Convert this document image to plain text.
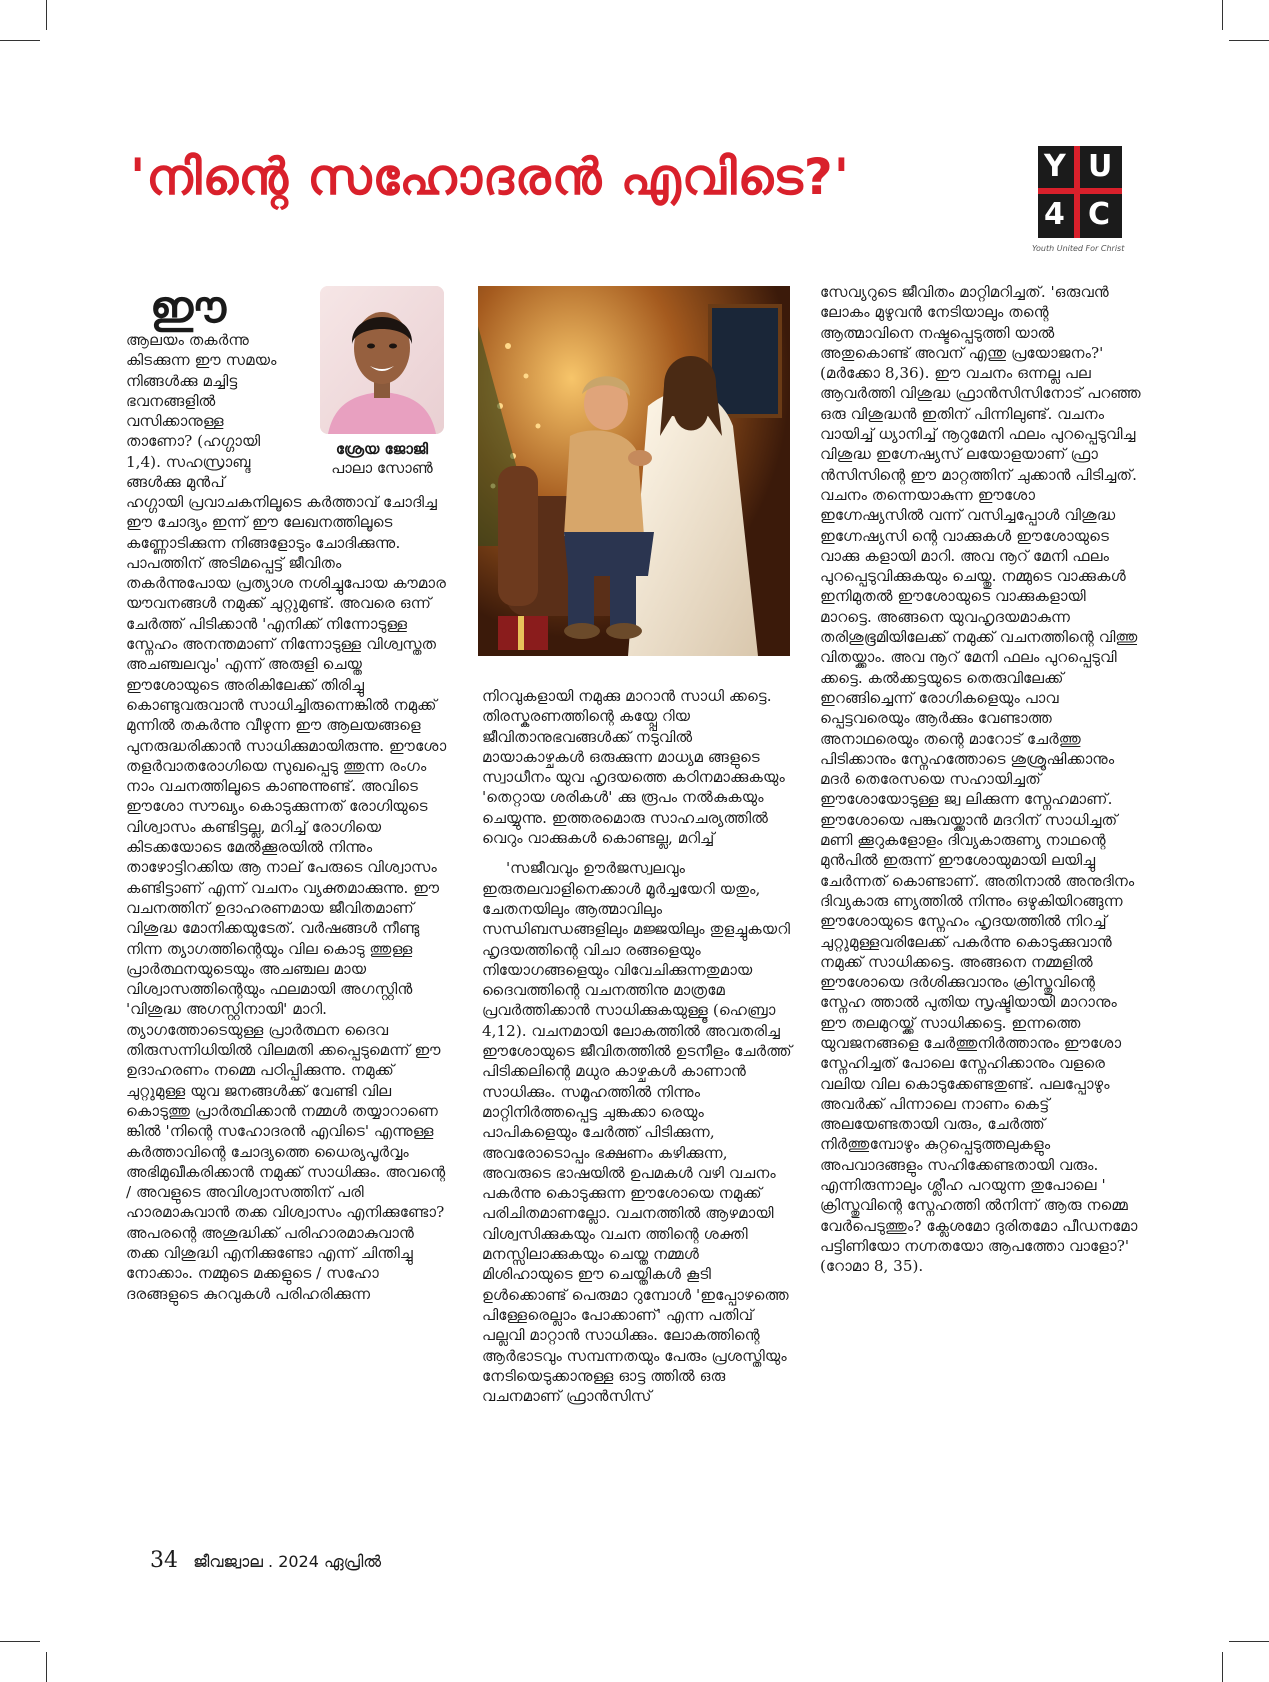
'നിന്റെ സഹോദരൻ എവിടെ?'	Y U
4 C
Youth United For Christ
ഈ
ശ്രേയ ജോജി
പാലാ സോൺ

ആലയം തകർന്നു കിടക്കുന്ന ഈ സമയം നിങ്ങൾക്കു മച്ചിട്ട ഭവനങ്ങളിൽ വസിക്കാനുള്ള താണോ? (ഹഗ്ഗായി 1,4). സഹസ്രാബ്ദ ങ്ങൾക്കു മുൻപ്

ഹഗ്ഗായി പ്രവാചകനിലൂടെ കർത്താവ് ചോദിച്ച ഈ ചോദ്യം ഇന്ന് ഈ ലേഖനത്തിലൂടെ കണ്ണോടിക്കുന്ന നിങ്ങളോടും ചോദിക്കുന്നു. പാപത്തിന് അടിമപ്പെട്ട് ജീവിതം തകർന്നുപോയ പ്രത്യാശ നശിച്ചുപോയ കൗമാര യൗവനങ്ങൾ നമുക്ക് ചുറ്റുമുണ്ട്. അവരെ ഒന്ന് ചേർത്ത് പിടിക്കാൻ 'എനിക്ക് നിന്നോടുള്ള സ്നേഹം അനന്തമാണ് നിന്നോടുള്ള വിശ്വസ്തത അചഞ്ചലവും' എന്ന് അരുളി ചെയ്ത ഈശോയുടെ അരികിലേക്ക് തിരിച്ചു കൊണ്ടുവരുവാൻ സാധിച്ചിരുന്നെങ്കിൽ നമുക്ക് മുന്നിൽ തകർന്നു വീഴുന്ന ഈ ആലയങ്ങളെ പുനരുദ്ധരിക്കാൻ സാധിക്കുമായിരുന്നു. ഈശോ തളർവാതരോഗിയെ സുഖപ്പെടു ത്തുന്ന രംഗം നാം വചനത്തിലൂടെ കാണുന്നുണ്ട്. അവിടെ ഈശോ സൗഖ്യം കൊടുക്കുന്നത് രോഗിയുടെ വിശ്വാസം കണ്ടിട്ടല്ല, മറിച്ച് രോഗിയെ കിടക്കയോടെ മേൽക്കൂരയിൽ നിന്നും താഴോട്ടിറക്കിയ ആ നാല് പേരുടെ വിശ്വാസം കണ്ടിട്ടാണ് എന്ന് വചനം വ്യക്തമാക്കുന്നു. ഈ വചനത്തിന് ഉദാഹരണമായ ജീവിതമാണ് വിശുദ്ധ മോനിക്കയുടേത്. വർഷങ്ങൾ നീണ്ടു നിന്ന ത്യാഗത്തിന്റെയും വില കൊടു ത്തുള്ള പ്രാർത്ഥനയുടെയും അചഞ്ചല മായ വിശ്വാസത്തിന്റെയും ഫലമായി അഗസ്റ്റിൻ 'വിശുദ്ധ അഗസ്റ്റിനായി' മാറി. ത്യാഗത്തോടെയുള്ള പ്രാർത്ഥന ദൈവ തിരുസന്നിധിയിൽ വിലമതി ക്കപ്പെടുമെന്ന് ഈ ഉദാഹരണം നമ്മെ പഠിപ്പിക്കുന്നു. നമുക്ക് ചുറ്റുമുള്ള യുവ ജനങ്ങൾക്ക് വേണ്ടി വില കൊടുത്തു പ്രാർത്ഥിക്കാൻ നമ്മൾ തയ്യാറാണെ ങ്കിൽ 'നിന്റെ സഹോദരൻ എവിടെ' എന്നുള്ള കർത്താവിന്റെ ചോദ്യത്തെ ധൈര്യപൂർവ്വം അഭിമുഖീകരിക്കാൻ നമുക്ക് സാധിക്കും. അവന്റെ / അവളുടെ അവിശ്വാസത്തിന് പരി ഹാരമാകുവാൻ തക്ക വിശ്വാസം എനിക്കുണ്ടോ? അപരന്റെ അശുദ്ധിക്ക് പരിഹാരമാകുവാൻ തക്ക വിശുദ്ധി എനിക്കുണ്ടോ എന്ന് ചിന്തിച്ചു നോക്കാം. നമ്മുടെ മക്കളുടെ / സഹോ ദരങ്ങളുടെ കുറവുകൾ പരിഹരിക്കുന്ന

നിറവുകളായി നമുക്കു മാറാൻ സാധി ക്കട്ടെ. തിരസ്കരണത്തിന്റെ കയ്പ്പേ റിയ ജീവിതാനുഭവങ്ങൾക്ക് നടുവിൽ മായാകാഴ്ചകൾ ഒരുക്കുന്ന മാധ്യമ ങ്ങളുടെ സ്വാധീനം യുവ ഹൃദയത്തെ കഠിനമാക്കുകയും 'തെറ്റായ ശരികൾ' ക്കു രൂപം നൽകുകയും ചെയ്യുന്നു. ഇത്തരമൊരു സാഹചര്യത്തിൽ വെറും വാക്കുകൾ കൊണ്ടല്ല, മറിച്ച്

'സജീവവും ഊർജസ്വലവും ഇരുതലവാളിനെക്കാൾ മൂർച്ചയേറി യതും, ചേതനയിലും ആത്മാവിലും സന്ധിബന്ധങ്ങളിലും മജ്ജയിലും തുളച്ചുകയറി ഹൃദയത്തിന്റെ വിചാ രങ്ങളെയും നിയോഗങ്ങളെയും വിവേചിക്കുന്നതുമായ ദൈവത്തിന്റെ വചനത്തിനു മാത്രമേ പ്രവർത്തിക്കാൻ സാധിക്കുകയുള്ളൂ (ഹെബ്രാ 4,12). വചനമായി ലോകത്തിൽ അവതരിച്ച ഈശോയുടെ ജീവിതത്തിൽ ഉടനീളം ചേർത്ത് പിടിക്കലിന്റെ മധുര കാഴ്ചകൾ കാണാൻ സാധിക്കും. സമൂഹത്തിൽ നിന്നും മാറ്റിനിർത്തപ്പെട്ട ചുങ്കക്കാ രെയും പാപികളെയും ചേർത്ത് പിടിക്കുന്ന, അവരോടൊപ്പം ഭക്ഷണം കഴിക്കുന്ന, അവരുടെ ഭാഷയിൽ ഉപമകൾ വഴി വചനം പകർന്നു കൊടുക്കുന്ന ഈശോയെ നമുക്ക് പരിചിതമാണല്ലോ. വചനത്തിൽ ആഴമായി വിശ്വസിക്കുകയും വചന ത്തിന്റെ ശക്തി മനസ്സിലാക്കുകയും ചെയ്ത നമ്മൾ മിശിഹായുടെ ഈ ചെയ്തികൾ കൂടി ഉൾക്കൊണ്ട് പെരുമാ റുമ്പോൾ 'ഇപ്പോഴത്തെ പിള്ളേരെല്ലാം പോക്കാണ്' എന്ന പതിവ് പല്ലവി മാറ്റാൻ സാധിക്കും. ലോകത്തിന്റെ ആർഭാടവും സമ്പന്നതയും പേരും പ്രശസ്തിയും നേടിയെടുക്കാനുള്ള ഓട്ട ത്തിൽ ഒരു വചനമാണ് ഫ്രാൻസിസ്

സേവ്യറുടെ ജീവിതം മാറ്റിമറിച്ചത്. 'ഒരുവൻ ലോകം മുഴുവൻ നേടിയാലും തന്റെ ആത്മാവിനെ നഷ്ടപ്പെടുത്തി യാൽ അതുകൊണ്ട് അവന് എന്തു പ്രയോജനം?' (മർക്കോ 8,36). ഈ വചനം ഒന്നല്ല പല ആവർത്തി വിശുദ്ധ ഫ്രാൻസിസിനോട് പറഞ്ഞ ഒരു വിശുദ്ധൻ ഇതിന് പിന്നിലുണ്ട്. വചനം വായിച്ച് ധ്യാനിച്ച് നൂറുമേനി ഫലം പുറപ്പെടുവിച്ച വിശുദ്ധ ഇഗ്നേഷ്യസ് ലയോളയാണ് ഫ്രാ ൻസിസിന്റെ ഈ മാറ്റത്തിന് ചുക്കാൻ പിടിച്ചത്. വചനം തന്നെയാകുന്ന ഈശോ ഇഗ്നേഷ്യസിൽ വന്ന് വസിച്ചപ്പോൾ വിശുദ്ധ ഇഗ്നേഷ്യസി ന്റെ വാക്കുകൾ ഈശോയുടെ വാക്കു കളായി മാറി. അവ നൂറ് മേനി ഫലം പുറപ്പെടുവിക്കുകയും ചെയ്തു. നമ്മുടെ വാക്കുകൾ ഇനിമുതൽ ഈശോയുടെ വാക്കുകളായി മാറട്ടെ. അങ്ങനെ യുവഹൃദയമാകുന്ന തരിശുഭൂമിയിലേക്ക് നമുക്ക് വചനത്തിന്റെ വിത്തു വിതയ്ക്കാം. അവ നൂറ് മേനി ഫലം പുറപ്പെടുവി ക്കട്ടെ. കൽക്കട്ടയുടെ തെരുവിലേക്ക് ഇറങ്ങിച്ചെന്ന് രോഗികളെയും പാവ പ്പെട്ടവരെയും ആർക്കും വേണ്ടാത്ത അനാഥരെയും തന്റെ മാറോട് ചേർത്തു പിടിക്കാനും സ്നേഹത്തോടെ ശുശ്രൂഷിക്കാനും മദർ തെരേസയെ സഹായിച്ചത് ഈശോയോടുള്ള ജ്വ ലിക്കുന്ന സ്നേഹമാണ്. ഈശോയെ പങ്കുവയ്ക്കാൻ മദറിന് സാധിച്ചത് മണി ക്കൂറുകളോളം ദിവ്യകാരുണ്യ നാഥന്റെ മുൻപിൽ ഇരുന്ന് ഈശോയുമായി ലയിച്ചു ചേർന്നത് കൊണ്ടാണ്. അതിനാൽ അനുദിനം ദിവ്യകാരു ണ്യത്തിൽ നിന്നും ഒഴുകിയിറങ്ങുന്ന ഈശോയുടെ സ്നേഹം ഹൃദയത്തിൽ നിറച്ച് ചുറ്റുമുള്ളവരിലേക്ക് പകർന്നു കൊടുക്കുവാൻ നമുക്ക് സാധിക്കട്ടെ. അങ്ങനെ നമ്മളിൽ ഈശോയെ ദർശിക്കുവാനും ക്രിസ്തുവിന്റെ സ്നേഹ ത്താൽ പുതിയ സൃഷ്ടിയായി മാറാനും ഈ തലമുറയ്ക്ക് സാധിക്കട്ടെ. ഇന്നത്തെ യുവജനങ്ങളെ ചേർത്തുനിർത്താനും ഈശോ സ്നേഹിച്ചത് പോലെ സ്നേഹിക്കാനും വളരെ വലിയ വില കൊടുക്കേണ്ടതുണ്ട്. പലപ്പോഴും അവർക്ക് പിന്നാലെ നാണം കെട്ട് അലയേണ്ടതായി വരും, ചേർത്ത് നിർത്തുമ്പോഴും കുറ്റപ്പെടുത്തലുകളും അപവാദങ്ങളും സഹിക്കേണ്ടതായി വരും. എന്നിരുന്നാലും ശ്ലീഹ പറയുന്ന തുപോലെ ' ക്രിസ്തുവിന്റെ സ്നേഹത്തി ൽനിന്ന് ആരു നമ്മെ വേർപെടുത്തും? ക്ലേശമോ ദുരിതമോ പീഡനമോ പട്ടിണിയോ നഗ്നതയോ ആപത്തോ വാളോ?' (റോമാ 8, 35).

34 ജീവജ്വാല . 2024 ഏപ്രിൽ
